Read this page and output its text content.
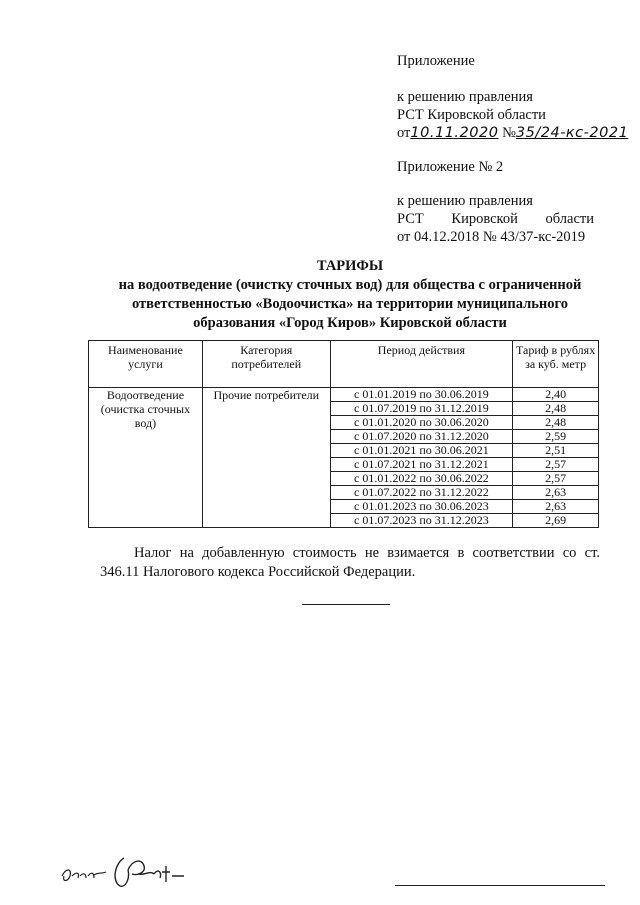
Приложение
к решению правления
РСТ Кировской области
от10.11.2020 №35/24-кс-2021
Приложение № 2
к решению правления
РСТ Кировской области
от 04.12.2018 № 43/37-кс-2019
ТАРИФЫ
на водоотведение (очистку сточных вод) для общества с ограниченной
ответственностью «Водоочистка» на территории муниципального
образования «Город Киров» Кировской области
Наименование услуги	Категория потребителей	Период действия	Тариф в рублях за куб. метр
Водоотведение (очистка сточных вод)	Прочие потребители	с 01.01.2019 по 30.06.2019	2,40
		с 01.07.2019 по 31.12.2019	2,48
		с 01.01.2020 по 30.06.2020	2,48
		с 01.07.2020 по 31.12.2020	2,59
		с 01.01.2021 по 30.06.2021	2,51
		с 01.07.2021 по 31.12.2021	2,57
		с 01.01.2022 по 30.06.2022	2,57
		с 01.07.2022 по 31.12.2022	2,63
		с 01.01.2023 по 30.06.2023	2,63
		с 01.07.2023 по 31.12.2023	2,69
Налог на добавленную стоимость не взимается в соответствии со ст.
346.11 Налогового кодекса Российской Федерации.
